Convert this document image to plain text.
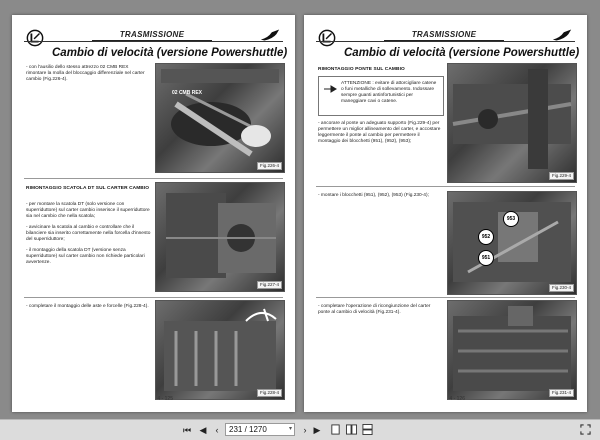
TRASMISSIONE
Cambio di velocità (versione Powershuttle)
- con l'ausilio dello stesso attrezzo 02 CMB REX rimontare la molla del bloccaggio differenziale nel carter cambio (Fig.226-4).
02 CMB REX
Fig.226-4
RIMONTAGGIO SCATOLA DT SUL CARTER CAMBIO
- per montare la scatola DT (solo versione con superriduttore) sul carter cambio inserisce il superriduttore sia nel cambio che nella scatola;
- avvicinare la scatola al cambio e controllare che il bilanciere sia inserito correttamente nella forcella d'innesto del superriduttore;
- il montaggio della scatola DT (versione senza superriduttore) sul carter cambio non richiede particolari avvertenze.
Fig.227-4
- completare il montaggio delle aste e forcelle (Fig.228-4).
Fig.228-4
4 - 125
TRASMISSIONE
Cambio di velocità (versione Powershuttle)
RIMONTAGGIO PONTE SUL CAMBIO
ATTENZIONE : evitare di attorcigliare catene o funi metalliche di sollevamento. Indossare sempre guanti antinfortunistici per maneggiare cavi o catene.
- ancorare al ponte un adeguato supporto (Fig.229-4) per permettere un miglior allineamento del carter, e accostare leggermente il ponte al cambio per permettere il montaggio dei blocchetti (951), (952), (953);
Fig.229-4
- montare i blocchetti (951), (952), (953) (Fig.230-4);
953
952
951
Fig.230-4
- completare l'operazione di ricongiunzione del carter ponte al cambio di velocità (Fig.231-4).
Fig.231-4
4 - 126
⏮ ◀	‹	231 / 1270	▾	› ▶
